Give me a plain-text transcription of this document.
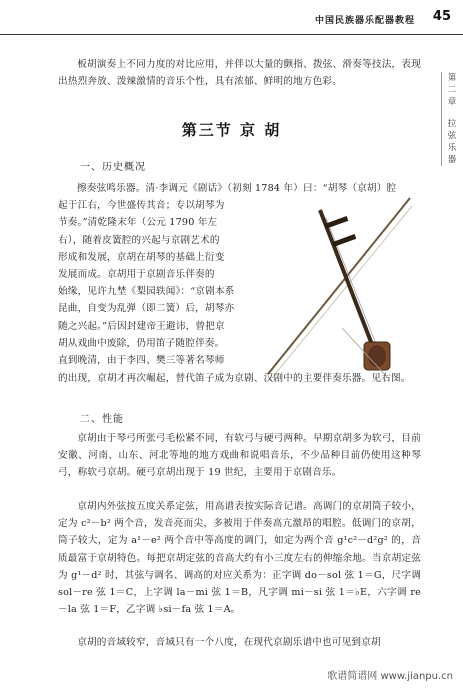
中国民族器乐配器教程 45
第
二
章
拉
弦
乐
器

板胡演奏上不同力度的对比应用，并伴以大量的颤指、拨弦、滑奏等技法，表现出热烈奔放、泼辣激情的音乐个性，具有浓郁、鲜明的地方色彩。

第三节 京 胡
一、历史概况
擦奏弦鸣乐器。清·李调元《剧话》（初刻 1784 年）曰：“胡琴（京胡）腔
起于江右，今世盛传其音；专以胡琴为
节奏。”清乾隆末年（公元 1790 年左
右），随着皮簧腔的兴起与京剧艺术的
形成和发展，京胡在胡琴的基础上衍变
发展而成。京胡用于京剧音乐伴奏的
始缘，见许九埜《梨园轶闻》：“京剧本系
昆曲，自变为乱弹（即二簧）后，胡琴亦
随之兴起。”后因封建帝王避讳，曾把京
胡从戏曲中废除，仍用笛子随腔伴奏。
直到晚清，由于李四、樊三等著名琴师

的出现，京胡才再次崛起，替代笛子成为京剧、汉剧中的主要伴奏乐器。见右图。

二、性能

京胡由于琴弓所张弓毛松紧不同，有软弓与硬弓两种。早期京胡多为软弓，目前安徽、河南、山东、河北等地的地方戏曲和说唱音乐，不少品种目前仍使用这种琴弓，称软弓京胡。硬弓京胡出现于 19 世纪，主要用于京剧音乐。

京胡内外弦按五度关系定弦，用高谱表按实际音记谱。高调门的京胡筒子较小，定为 c²－b² 两个音，发音亮而尖，多被用于伴奏高亢激昂的唱腔。低调门的京胡，筒子较大，定为 a¹－e² 两个音中等高度的调门，如定为两个音 g¹c²－d²g² 的，音质最富于京胡特色。每把京胡定弦的音高大约有小三度左右的伸缩余地。当京胡定弦为 g¹－d² 时，其弦与调名、调高的对应关系为：正字调 do－sol 弦 1＝G，尺字调 sol－re 弦 1＝C，上字调 la－mi 弦 1＝B，凡字调 mi－si 弦 1＝♭E，六字调 re－la 弦 1＝F，乙字调 ♭si－fa 弦 1＝A。

京胡的音域较窄，音域只有一个八度，在现代京剧乐谱中也可见到京胡

歌谱简谱网 www.jianpu.cn
